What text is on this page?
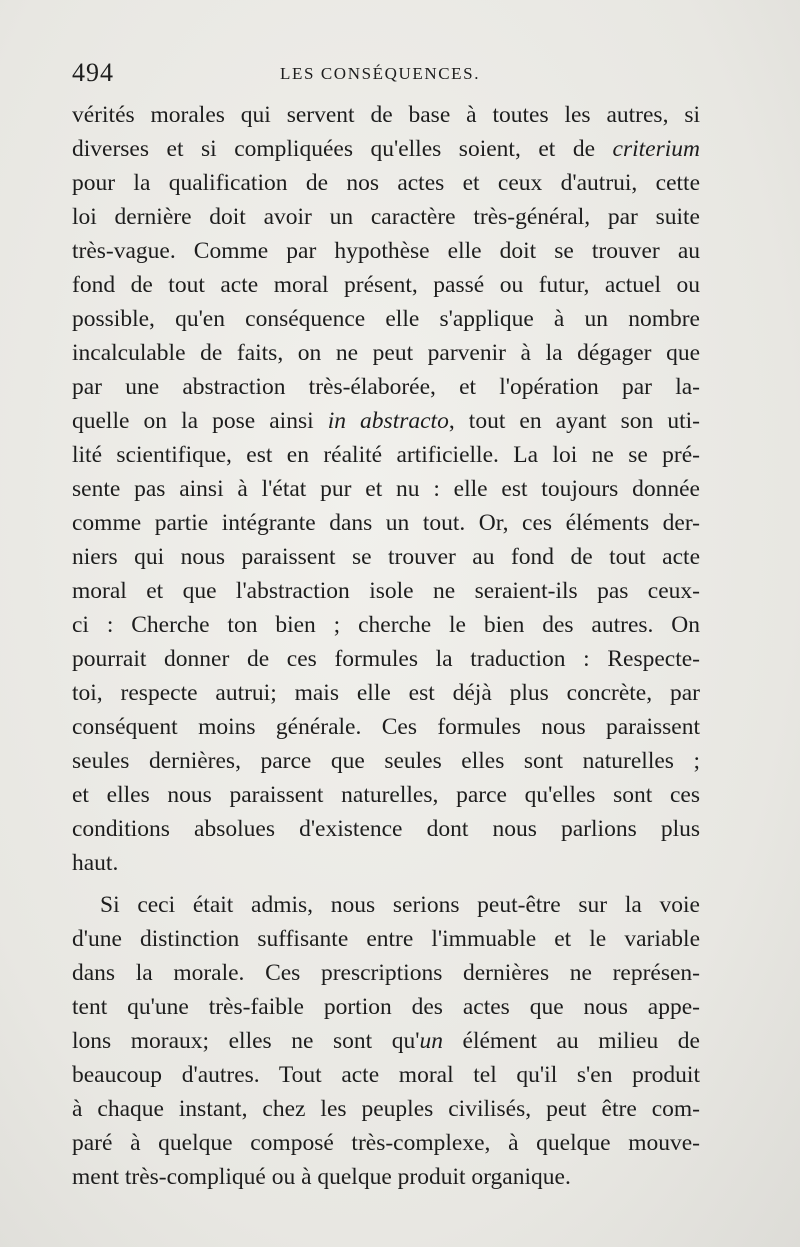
494	LES CONSÉQUENCES.
vérités morales qui servent de base à toutes les autres, si
diverses et si compliquées qu'elles soient, et de criterium
pour la qualification de nos actes et ceux d'autrui, cette
loi dernière doit avoir un caractère très-général, par suite
très-vague. Comme par hypothèse elle doit se trouver au
fond de tout acte moral présent, passé ou futur, actuel ou
possible, qu'en conséquence elle s'applique à un nombre
incalculable de faits, on ne peut parvenir à la dégager que
par une abstraction très-élaborée, et l'opération par la-
quelle on la pose ainsi in abstracto, tout en ayant son uti-
lité scientifique, est en réalité artificielle. La loi ne se pré-
sente pas ainsi à l'état pur et nu : elle est toujours donnée
comme partie intégrante dans un tout. Or, ces éléments der-
niers qui nous paraissent se trouver au fond de tout acte
moral et que l'abstraction isole ne seraient-ils pas ceux-
ci : Cherche ton bien ; cherche le bien des autres. On
pourrait donner de ces formules la traduction : Respecte-
toi, respecte autrui; mais elle est déjà plus concrète, par
conséquent moins générale. Ces formules nous paraissent
seules dernières, parce que seules elles sont naturelles ;
et elles nous paraissent naturelles, parce qu'elles sont ces
conditions absolues d'existence dont nous parlions plus
haut.
Si ceci était admis, nous serions peut-être sur la voie
d'une distinction suffisante entre l'immuable et le variable
dans la morale. Ces prescriptions dernières ne représen-
tent qu'une très-faible portion des actes que nous appe-
lons moraux; elles ne sont qu'un élément au milieu de
beaucoup d'autres. Tout acte moral tel qu'il s'en produit
à chaque instant, chez les peuples civilisés, peut être com-
paré à quelque composé très-complexe, à quelque mouve-
ment très-compliqué ou à quelque produit organique.
